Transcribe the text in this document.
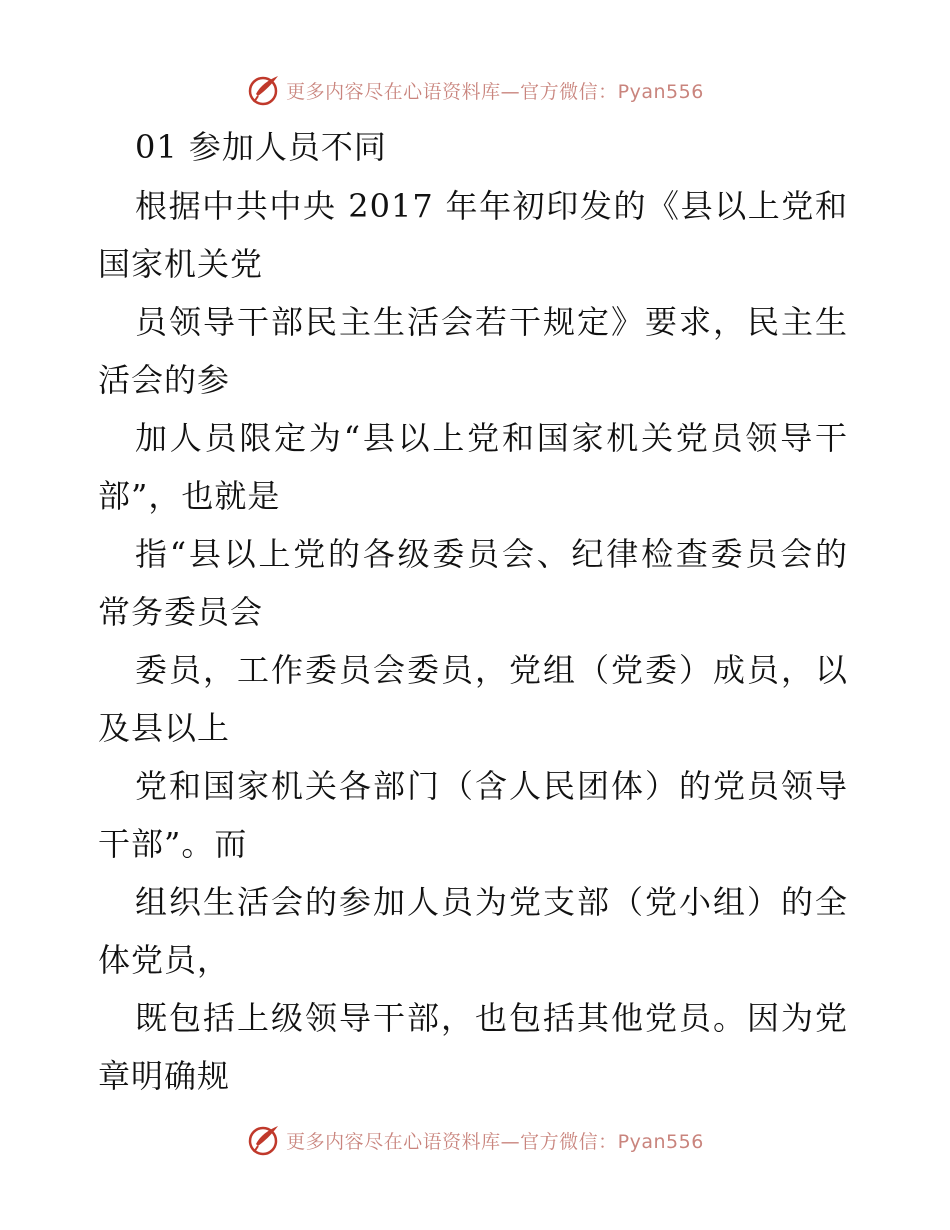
更多内容尽在心语资料库—官方微信：Pyan556
01 参加人员不同
根据中共中央 2017 年年初印发的《县以上党和
国家机关党
员领导干部民主生活会若干规定》要求，民主生
活会的参
加人员限定为“县以上党和国家机关党员领导干
部”，也就是
指“县以上党的各级委员会、纪律检查委员会的
常务委员会
委员，工作委员会委员，党组（党委）成员，以
及县以上
党和国家机关各部门（含人民团体）的党员领导
干部”。而
组织生活会的参加人员为党支部（党小组）的全
体党员，
既包括上级领导干部，也包括其他党员。因为党
章明确规
更多内容尽在心语资料库—官方微信：Pyan556
